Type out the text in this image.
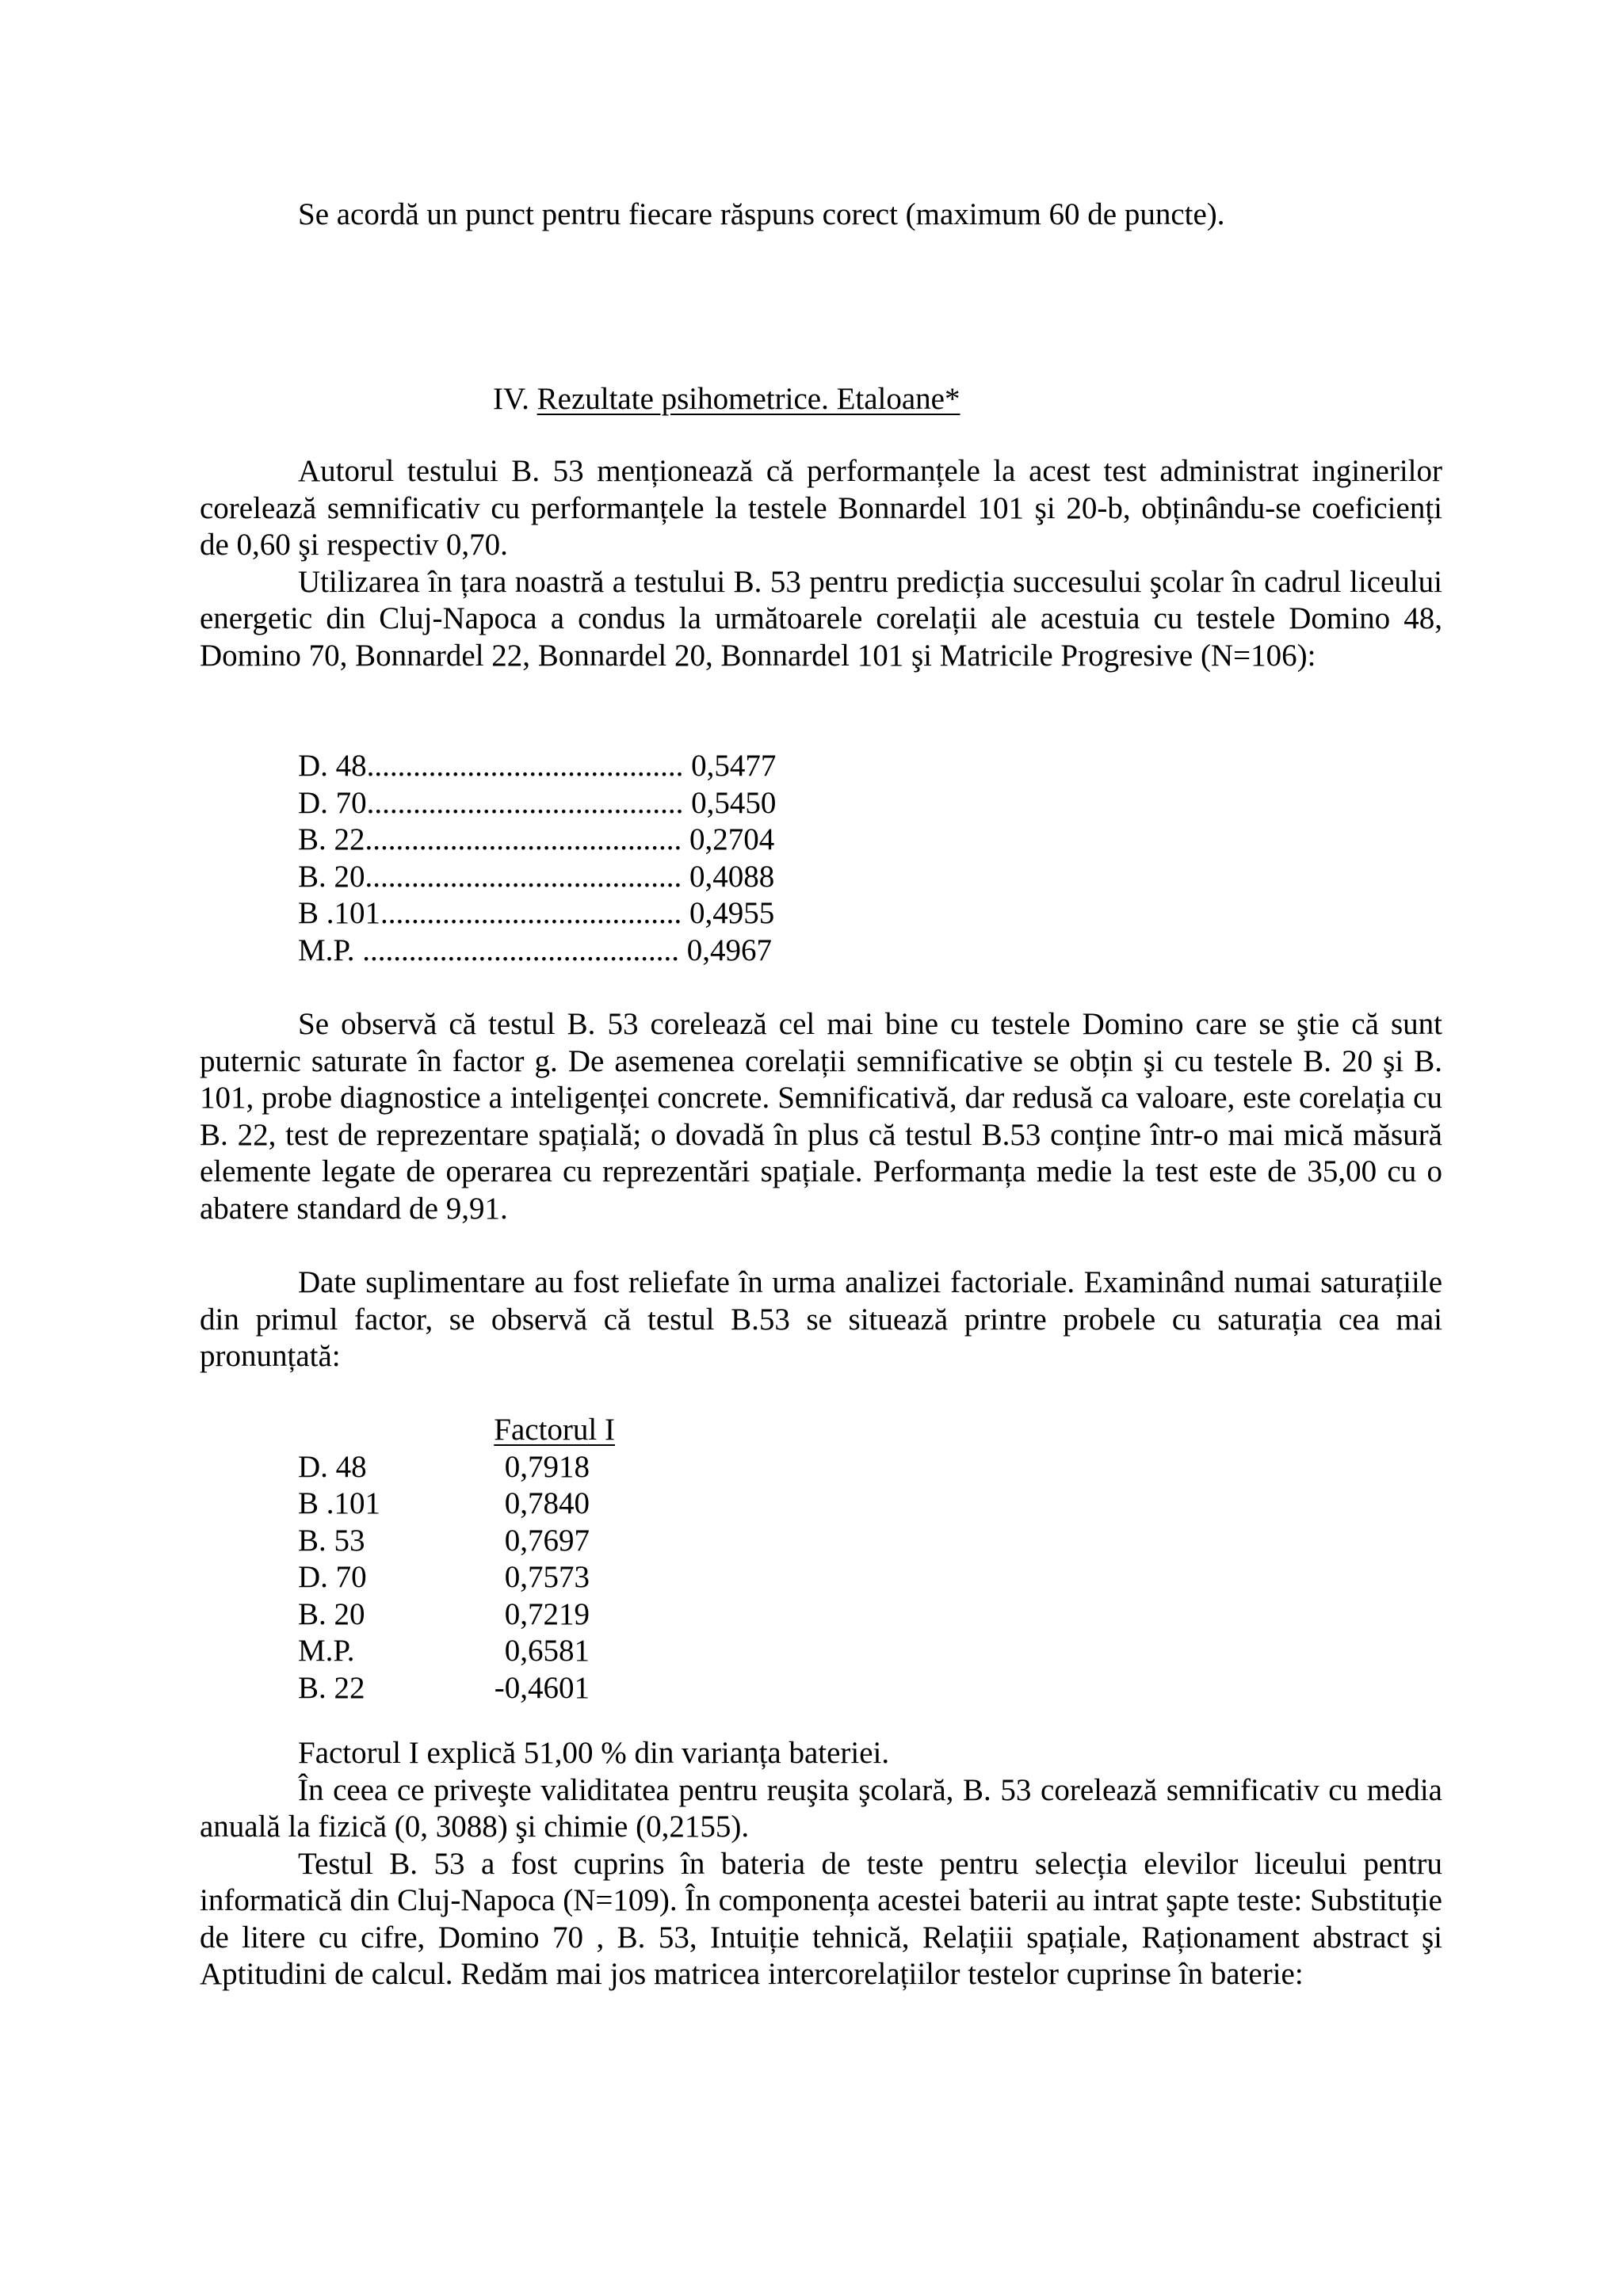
Se acordă un punct pentru fiecare răspuns corect (maximum 60 de puncte).

IV. Rezultate psihometrice. Etaloane*

Autorul testului B. 53 menționează că performanțele la acest test administrat inginerilor corelează semnificativ cu performanțele la testele Bonnardel 101 şi 20-b, obținându-se coeficienți de 0,60 şi respectiv 0,70.

Utilizarea în țara noastră a testului B. 53 pentru predicția succesului şcolar în cadrul liceului energetic din Cluj-Napoca a condus la următoarele corelații ale acestuia cu testele Domino 48, Domino 70, Bonnardel 22, Bonnardel 20, Bonnardel 101 şi Matricile Progresive (N=106):

D. 48......................................... 0,5477
D. 70......................................... 0,5450
B. 22......................................... 0,2704
B. 20......................................... 0,4088
B .101....................................... 0,4955
M.P. ......................................... 0,4967

Se observă că testul B. 53 corelează cel mai bine cu testele Domino care se ştie că sunt puternic saturate în factor g. De asemenea corelații semnificative se obțin şi cu testele B. 20 şi B. 101, probe diagnostice a inteligenței concrete. Semnificativă, dar redusă ca valoare, este corelația cu B. 22, test de reprezentare spațială; o dovadă în plus că testul B.53 conține într-o mai mică măsură elemente legate de operarea cu reprezentări spațiale. Performanța medie la test este de 35,00 cu o abatere standard de 9,91.

Date suplimentare au fost reliefate în urma analizei factoriale. Examinând numai saturațiile din primul factor, se observă că testul B.53 se situează printre probele cu saturația cea mai pronunțată:

	Factorul I

D. 48	0,7918
B .101	0,7840
B. 53	0,7697
D. 70	0,7573
B. 20	0,7219
M.P.	0,6581
B. 22	-0,4601

Factorul I explică 51,00 % din varianța bateriei.

În ceea ce priveşte validitatea pentru reuşita şcolară, B. 53 corelează semnificativ cu media anuală la fizică (0, 3088) şi chimie (0,2155).

Testul B. 53 a fost cuprins în bateria de teste pentru selecția elevilor liceului pentru informatică din Cluj-Napoca (N=109). În componența acestei baterii au intrat şapte teste: Substituție de litere cu cifre, Domino 70 , B. 53, Intuiție tehnică, Relațiii spațiale, Raționament abstract şi Aptitudini de calcul. Redăm mai jos matricea intercorelațiilor testelor cuprinse în baterie:
